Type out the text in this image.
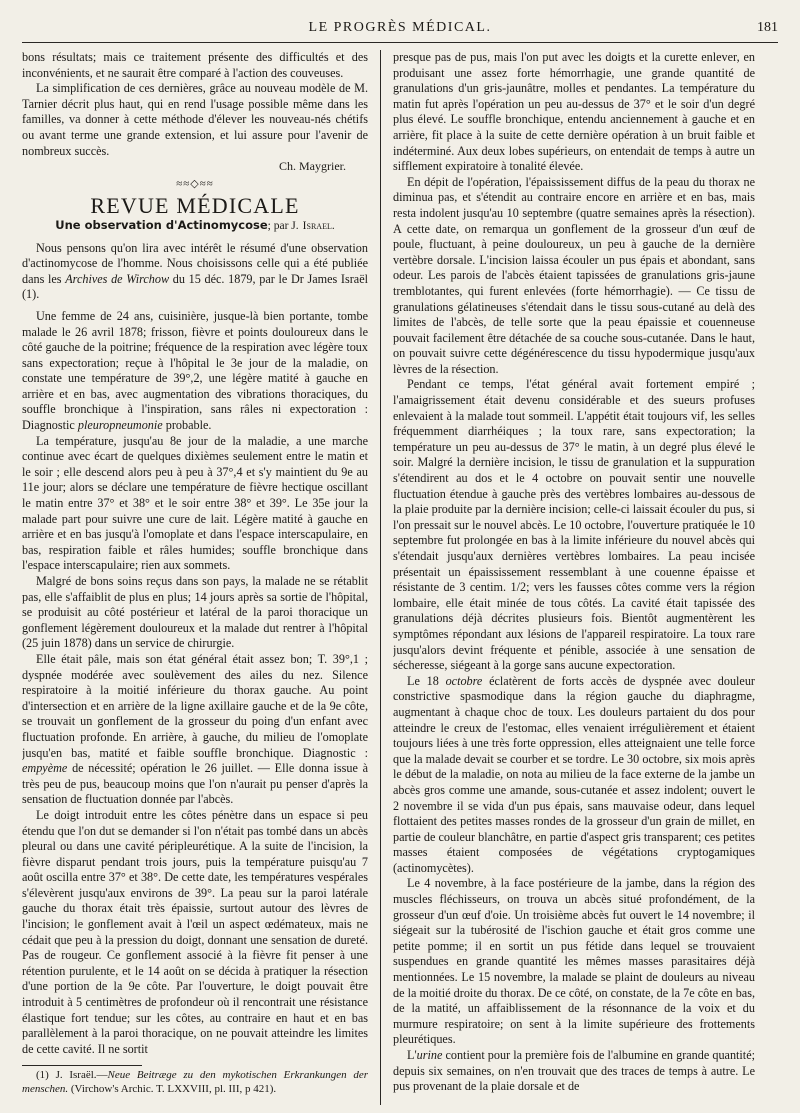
LE PROGRÈS MÉDICAL.	181

bons résultats; mais ce traitement présente des difficultés et des inconvénients, et ne saurait être comparé à l'action des couveuses.

La simplification de ces dernières, grâce au nouveau modèle de M. Tarnier décrit plus haut, qui en rend l'usage possible même dans les familles, va donner à cette méthode d'élever les nouveau-nés chétifs ou avant terme une grande extension, et lui assure pour l'avenir de nombreux succès.

Ch. Maygrier.
≈≈◇≈≈
REVUE MÉDICALE
Une observation d'Actinomycose; par J. Israel.

Nous pensons qu'on lira avec intérêt le résumé d'une observation d'actinomycose de l'homme. Nous choisissons celle qui a été publiée dans les Archives de Wirchow du 15 déc. 1879, par le Dr James Israël (1).

Une femme de 24 ans, cuisinière, jusque-là bien portante, tombe malade le 26 avril 1878; frisson, fièvre et points douloureux dans le côté gauche de la poitrine; fréquence de la respiration avec légère toux sans expectoration; reçue à l'hôpital le 3e jour de la maladie, on constate une température de 39°,2, une légère matité à gauche en arrière et en bas, avec augmentation des vibrations thoraciques, du souffle bronchique à l'inspiration, sans râles ni expectoration : Diagnostic pleuropneumonie probable.

La température, jusqu'au 8e jour de la maladie, a une marche continue avec écart de quelques dixièmes seulement entre le matin et le soir ; elle descend alors peu à peu à 37°,4 et s'y maintient du 9e au 11e jour; alors se déclare une température de fièvre hectique oscillant le matin entre 37° et 38° et le soir entre 38° et 39°. Le 35e jour la malade part pour suivre une cure de lait. Légère matité à gauche en arrière et en bas jusqu'à l'omoplate et dans l'espace interscapulaire, en bas, respiration faible et râles humides; souffle bronchique dans l'espace interscapulaire; rien aux sommets.

Malgré de bons soins reçus dans son pays, la malade ne se rétablit pas, elle s'affaiblit de plus en plus; 14 jours après sa sortie de l'hôpital, se produisit au côté postérieur et latéral de la paroi thoracique un gonflement légèrement douloureux et la malade dut rentrer à l'hôpital (25 juin 1878) dans un service de chirurgie.

Elle était pâle, mais son état général était assez bon; T. 39°,1 ; dyspnée modérée avec soulèvement des ailes du nez. Silence respiratoire à la moitié inférieure du thorax gauche. Au point d'intersection et en arrière de la ligne axillaire gauche et de la 9e côte, se trouvait un gonflement de la grosseur du poing d'un enfant avec fluctuation profonde. En arrière, à gauche, du milieu de l'omoplate jusqu'en bas, matité et faible souffle bronchique. Diagnostic : empyème de nécessité; opération le 26 juillet. — Elle donna issue à très peu de pus, beaucoup moins que l'on n'aurait pu penser d'après la sensation de fluctuation donnée par l'abcès.

Le doigt introduit entre les côtes pénètre dans un espace si peu étendu que l'on dut se demander si l'on n'était pas tombé dans un abcès pleural ou dans une cavité péripleurétique. A la suite de l'incision, la fièvre disparut pendant trois jours, puis la température puisqu'au 7 août oscilla entre 37° et 38°. De cette date, les températures vespérales s'élevèrent jusqu'aux environs de 39°. La peau sur la paroi latérale gauche du thorax était très épaissie, surtout autour des lèvres de l'incision; le gonflement avait à l'œil un aspect œdémateux, mais ne cédait que peu à la pression du doigt, donnant une sensation de dureté. Pas de rougeur. Ce gonflement associé à la fièvre fit penser à une rétention purulente, et le 14 août on se décida à pratiquer la résection d'une portion de la 9e côte. Par l'ouverture, le doigt pouvait être introduit à 5 centimètres de profondeur où il rencontrait une résistance élastique fort tendue; sur les côtes, au contraire en haut et en bas parallèlement à la paroi thoracique, on ne pouvait atteindre les limites de cette cavité. Il ne sortit

(1) J. Israël.—Neue Beitræge zu den mykotischen Erkrankungen der menschen. (Virchow's Archic. T. LXXVIII, pl. III, p 421).

presque pas de pus, mais l'on put avec les doigts et la curette enlever, en produisant une assez forte hémorrhagie, une grande quantité de granulations d'un gris-jaunâtre, molles et pendantes. La température du matin fut après l'opération un peu au-dessus de 37° et le soir d'un degré plus élevé. Le souffle bronchique, entendu anciennement à gauche et en arrière, fit place à la suite de cette dernière opération à un bruit faible et indéterminé. Aux deux lobes supérieurs, on entendait de temps à autre un sifflement expiratoire à tonalité élevée.

En dépit de l'opération, l'épaississement diffus de la peau du thorax ne diminua pas, et s'étendit au contraire encore en arrière et en bas, mais resta indolent jusqu'au 10 septembre (quatre semaines après la résection). A cette date, on remarqua un gonflement de la grosseur d'un œuf de poule, fluctuant, à peine douloureux, un peu à gauche de la dernière vertèbre dorsale. L'incision laissa écouler un pus épais et abondant, sans odeur. Les parois de l'abcès étaient tapissées de granulations gris-jaune tremblotantes, qui furent enlevées (forte hémorrhagie). — Ce tissu de granulations gélatineuses s'étendait dans le tissu sous-cutané au delà des limites de l'abcès, de telle sorte que la peau épaissie et couenneuse pouvait facilement être détachée de sa couche sous-cutanée. Dans le haut, on pouvait suivre cette dégénérescence du tissu hypodermique jusqu'aux lèvres de la résection.

Pendant ce temps, l'état général avait fortement empiré ; l'amaigrissement était devenu considérable et des sueurs profuses enlevaient à la malade tout sommeil. L'appétit était toujours vif, les selles fréquemment diarrhéiques ; la toux rare, sans expectoration; la température un peu au-dessus de 37° le matin, à un degré plus élevé le soir. Malgré la dernière incision, le tissu de granulation et la suppuration s'étendirent au dos et le 4 octobre on pouvait sentir une nouvelle fluctuation étendue à gauche près des vertèbres lombaires au-dessous de la plaie produite par la dernière incision; celle-ci laissait écouler du pus, si l'on pressait sur le nouvel abcès. Le 10 octobre, l'ouverture pratiquée le 10 septembre fut prolongée en bas à la limite inférieure du nouvel abcès qui s'étendait jusqu'aux dernières vertèbres lombaires. La peau incisée présentait un épaississement ressemblant à une couenne épaisse et résistante de 3 centim. 1/2; vers les fausses côtes comme vers la région lombaire, elle était minée de tous côtés. La cavité était tapissée des granulations déjà décrites plusieurs fois. Bientôt augmentèrent les symptômes répondant aux lésions de l'appareil respiratoire. La toux rare jusqu'alors devint fréquente et pénible, associée à une sensation de sécheresse, siégeant à la gorge sans aucune expectoration.

Le 18 octobre éclatèrent de forts accès de dyspnée avec douleur constrictive spasmodique dans la région gauche du diaphragme, augmentant à chaque choc de toux. Les douleurs partaient du dos pour atteindre le creux de l'estomac, elles venaient irrégulièrement et étaient toujours liées à une très forte oppression, elles atteignaient une telle force que la malade devait se courber et se tordre. Le 30 octobre, six mois après le début de la maladie, on nota au milieu de la face externe de la jambe un abcès gros comme une amande, sous-cutanée et assez indolent; ouvert le 2 novembre il se vida d'un pus épais, sans mauvaise odeur, dans lequel flottaient des petites masses rondes de la grosseur d'un grain de millet, en partie de couleur blanchâtre, en partie d'aspect gris transparent; ces petites masses étaient composées de végétations cryptogamiques (actinomycètes).

Le 4 novembre, à la face postérieure de la jambe, dans la région des muscles fléchisseurs, on trouva un abcès situé profondément, de la grosseur d'un œuf d'oie. Un troisième abcès fut ouvert le 14 novembre; il siégeait sur la tubérosité de l'ischion gauche et était gros comme une petite pomme; il en sortit un pus fétide dans lequel se trouvaient suspendues en grande quantité les mêmes masses parasitaires déjà mentionnées. Le 15 novembre, la malade se plaint de douleurs au niveau de la moitié droite du thorax. De ce côté, on constate, de la 7e côte en bas, de la matité, un affaiblissement de la résonnance de la voix et du murmure respiratoire; on sent à la limite supérieure des frottements pleurétiques.

L'urine contient pour la première fois de l'albumine en grande quantité; depuis six semaines, on n'en trouvait que des traces de temps à autre. Le pus provenant de la plaie dorsale et de
